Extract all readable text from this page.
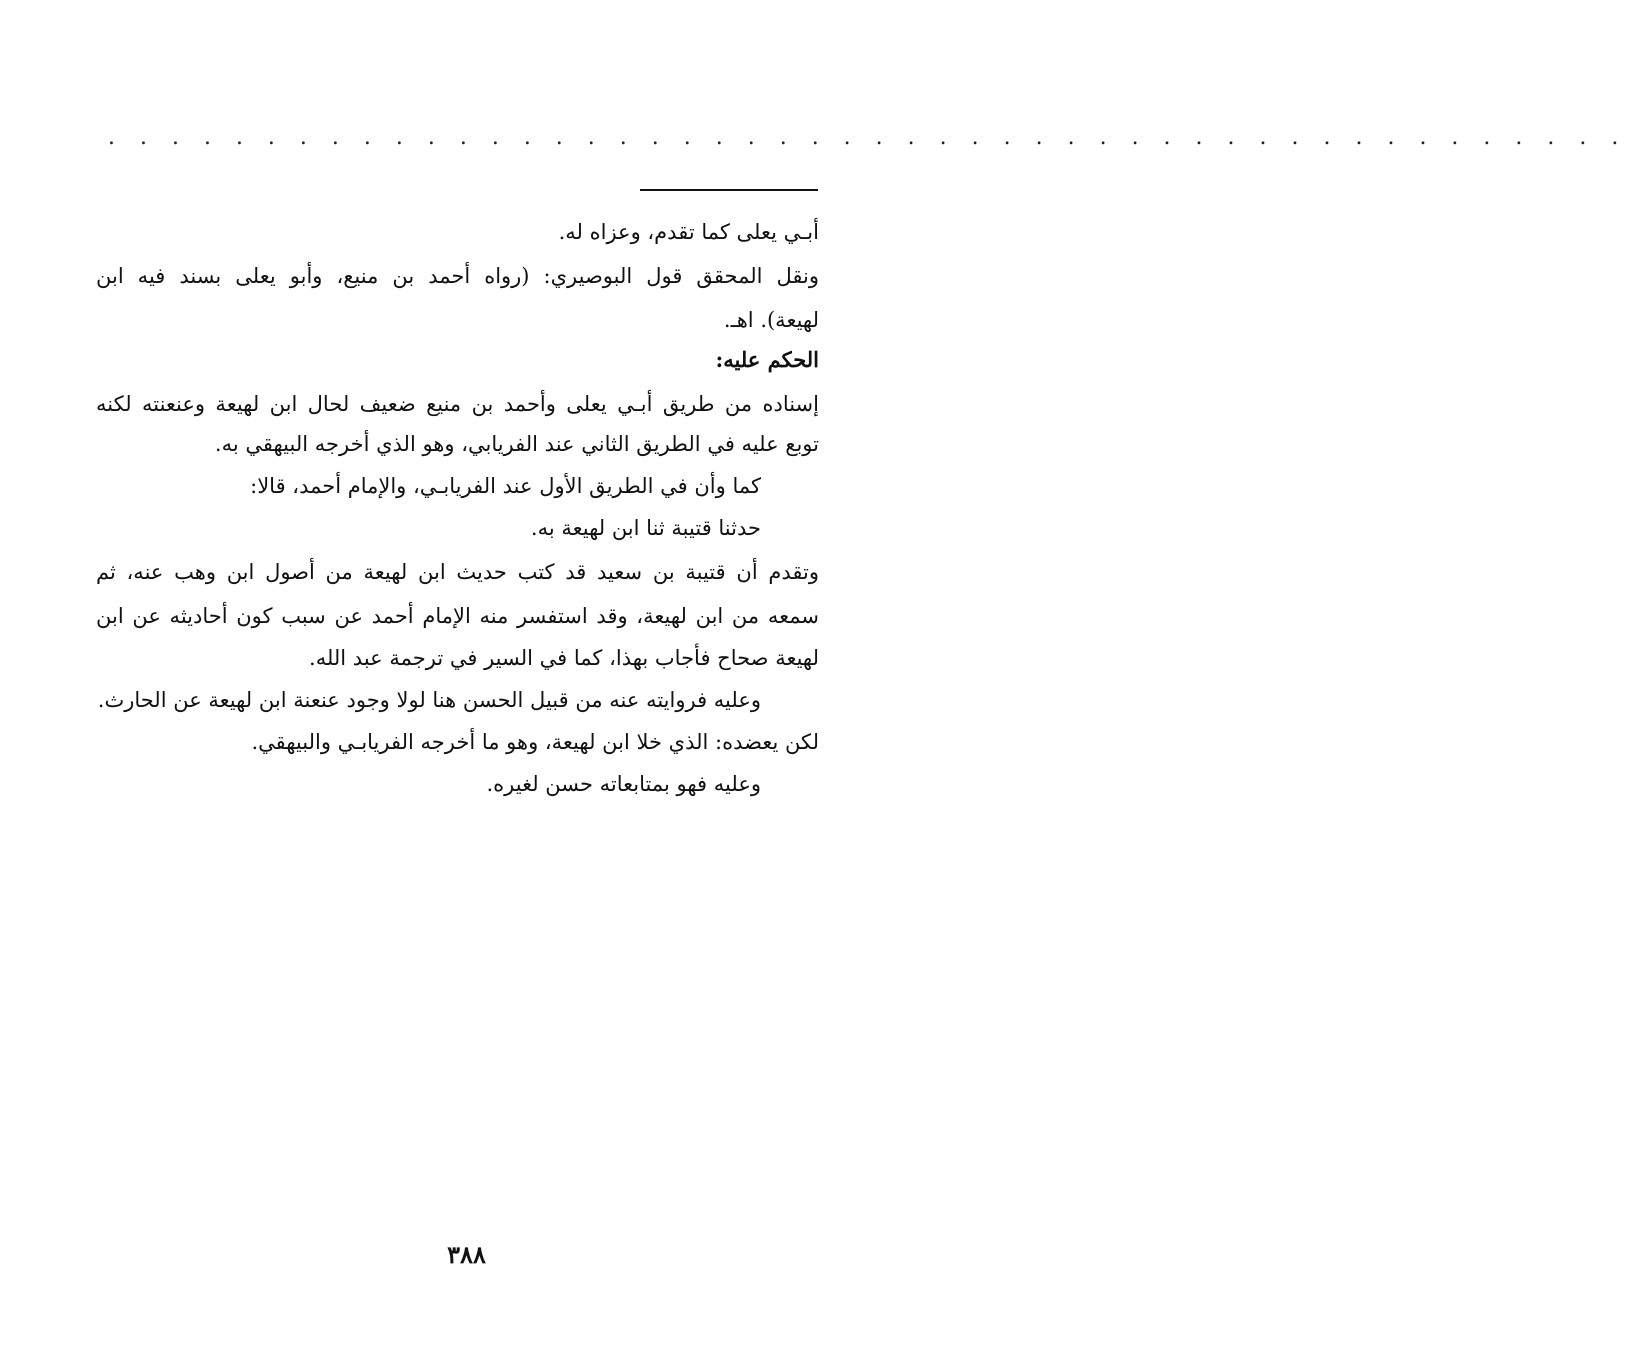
. . . . . . . . . . . . . . . . . . . . . . . . . . . . . . . . . . . . . . . . . . . . . . . .
أبـي يعلى كما تقدم، وعزاه له.
ونقل المحقق قول البوصيري: (رواه أحمد بن منيع، وأبو يعلى بسند فيه ابن
لهيعة). اهـ.
الحكم عليه:
إسناده من طريق أبـي يعلى وأحمد بن منيع ضعيف لحال ابن لهيعة وعنعنته لكنه
توبع عليه في الطريق الثاني عند الفريابي، وهو الذي أخرجه البيهقي به.
كما وأن في الطريق الأول عند الفريابـي، والإمام أحمد، قالا:
حدثنا قتيبة ثنا ابن لهيعة به.
وتقدم أن قتيبة بن سعيد قد كتب حديث ابن لهيعة من أصول ابن وهب عنه، ثم
سمعه من ابن لهيعة، وقد استفسر منه الإمام أحمد عن سبب كون أحاديثه عن ابن
لهيعة صحاح فأجاب بهذا، كما في السير في ترجمة عبد الله.
وعليه فروايته عنه من قبيل الحسن هنا لولا وجود عنعنة ابن لهيعة عن الحارث.
لكن يعضده: الذي خلا ابن لهيعة، وهو ما أخرجه الفريابـي والبيهقي.
وعليه فهو بمتابعاته حسن لغيره.
٣٨٨
